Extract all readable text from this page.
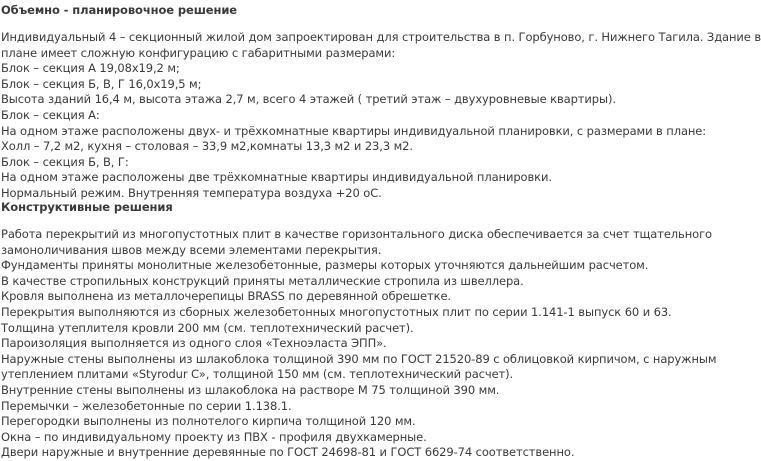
Объемно - планировочное решение
Индивидуальный 4 – секционный жилой дом запроектирован для строительства в п. Горбуново, г. Нижнего Тагила. Здание в
плане имеет сложную конфигурацию с габаритными размерами:
Блок – секция А 19,08х19,2 м;
Блок – секция Б, В, Г 16,0х19,5 м;
Высота зданий 16,4 м, высота этажа 2,7 м, всего 4 этажей ( третий этаж – двухуровневые квартиры).
Блок – секция А:
На одном этаже расположены двух- и трёхкомнатные квартиры индивидуальной планировки, с размерами в плане:
Холл – 7,2 м2, кухня – столовая – 33,9 м2,комнаты 13,3 м2 и 23,3 м2.
Блок – секция Б, В, Г:
На одном этаже расположены две трёхкомнатные квартиры индивидуальной планировки.
Нормальный режим. Внутренняя температура воздуха +20 оС.
Конструктивные решения
Работа перекрытий из многопустотных плит в качестве горизонтального диска обеспечивается за счет тщательного
замоноличивания швов между всеми элементами перекрытия.
Фундаменты приняты монолитные железобетонные, размеры которых уточняются дальнейшим расчетом.
В качестве стропильных конструкций приняты металлические стропила из швеллера.
Кровля выполнена из металлочерепицы BRASS по деревянной обрешетке.
Перекрытия выполняются из сборных железобетонных многопустотных плит по серии 1.141-1 выпуск 60 и 63.
Толщина утеплителя кровли 200 мм (см. теплотехнический расчет).
Пароизоляция выполняется из одного слоя «Техноэласта ЭПП».
Наружные стены выполнены из шлакоблока толщиной 390 мм по ГОСТ 21520-89 с облицовкой кирпичом, с наружным
утеплением плитами «Styrodur C», толщиной 150 мм (см. теплотехнический расчет).
Внутренние стены выполнены из шлакоблока на растворе М 75 толщиной 390 мм.
Перемычки – железобетонные по серии 1.138.1.
Перегородки выполнены из полнотелого кирпича толщиной 120 мм.
Окна – по индивидуальному проекту из ПВХ - профиля двухкамерные.
Двери наружные и внутренние деревянные по ГОСТ 24698-81 и ГОСТ 6629-74 соответственно.
